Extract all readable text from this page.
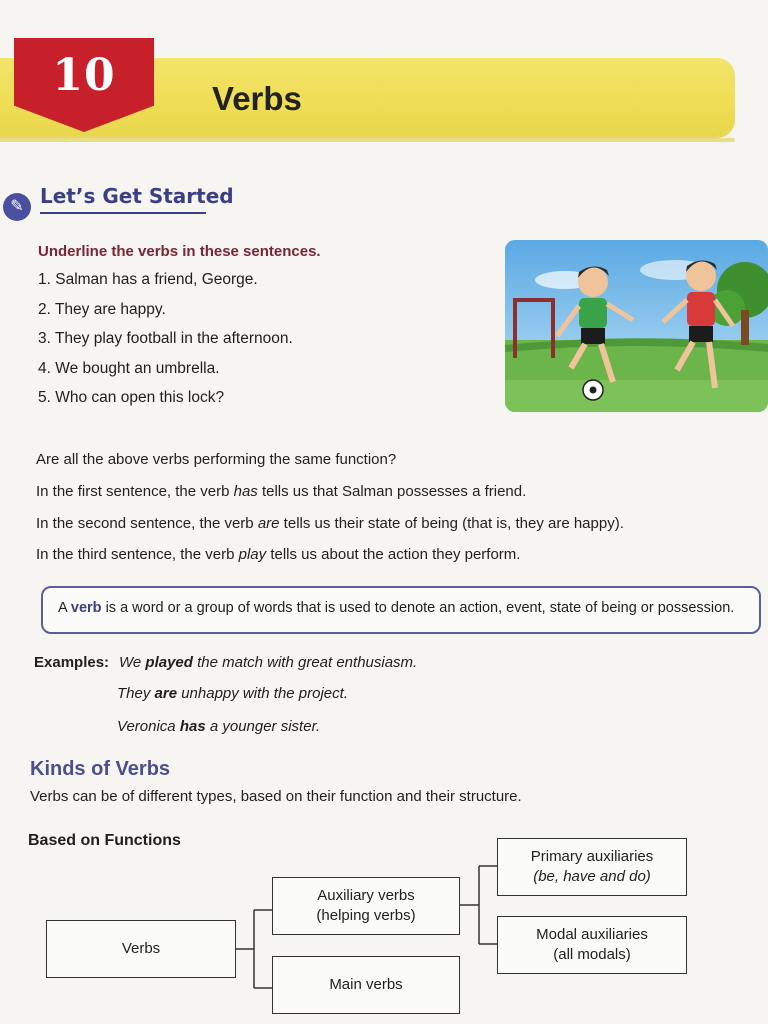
10	Verbs
✎ Let’s Get Started
Underline the verbs in these sentences.
1. Salman has a friend, George.
2. They are happy.
3. They play football in the afternoon.
4. We bought an umbrella.
5. Who can open this lock?
Are all the above verbs performing the same function?
In the first sentence, the verb has tells us that Salman possesses a friend.
In the second sentence, the verb are tells us their state of being (that is, they are happy).
In the third sentence, the verb play tells us about the action they perform.
A verb is a word or a group of words that is used to denote an action, event, state of being or possession.
Examples: We played the match with great enthusiasm.
They are unhappy with the project.
Veronica has a younger sister.
Kinds of Verbs
Verbs can be of different types, based on their function and their structure.
Based on Functions
Verbs
Auxiliary verbs
(helping verbs)
Main verbs
Primary auxiliaries
(be, have and do)
Modal auxiliaries
(all modals)
